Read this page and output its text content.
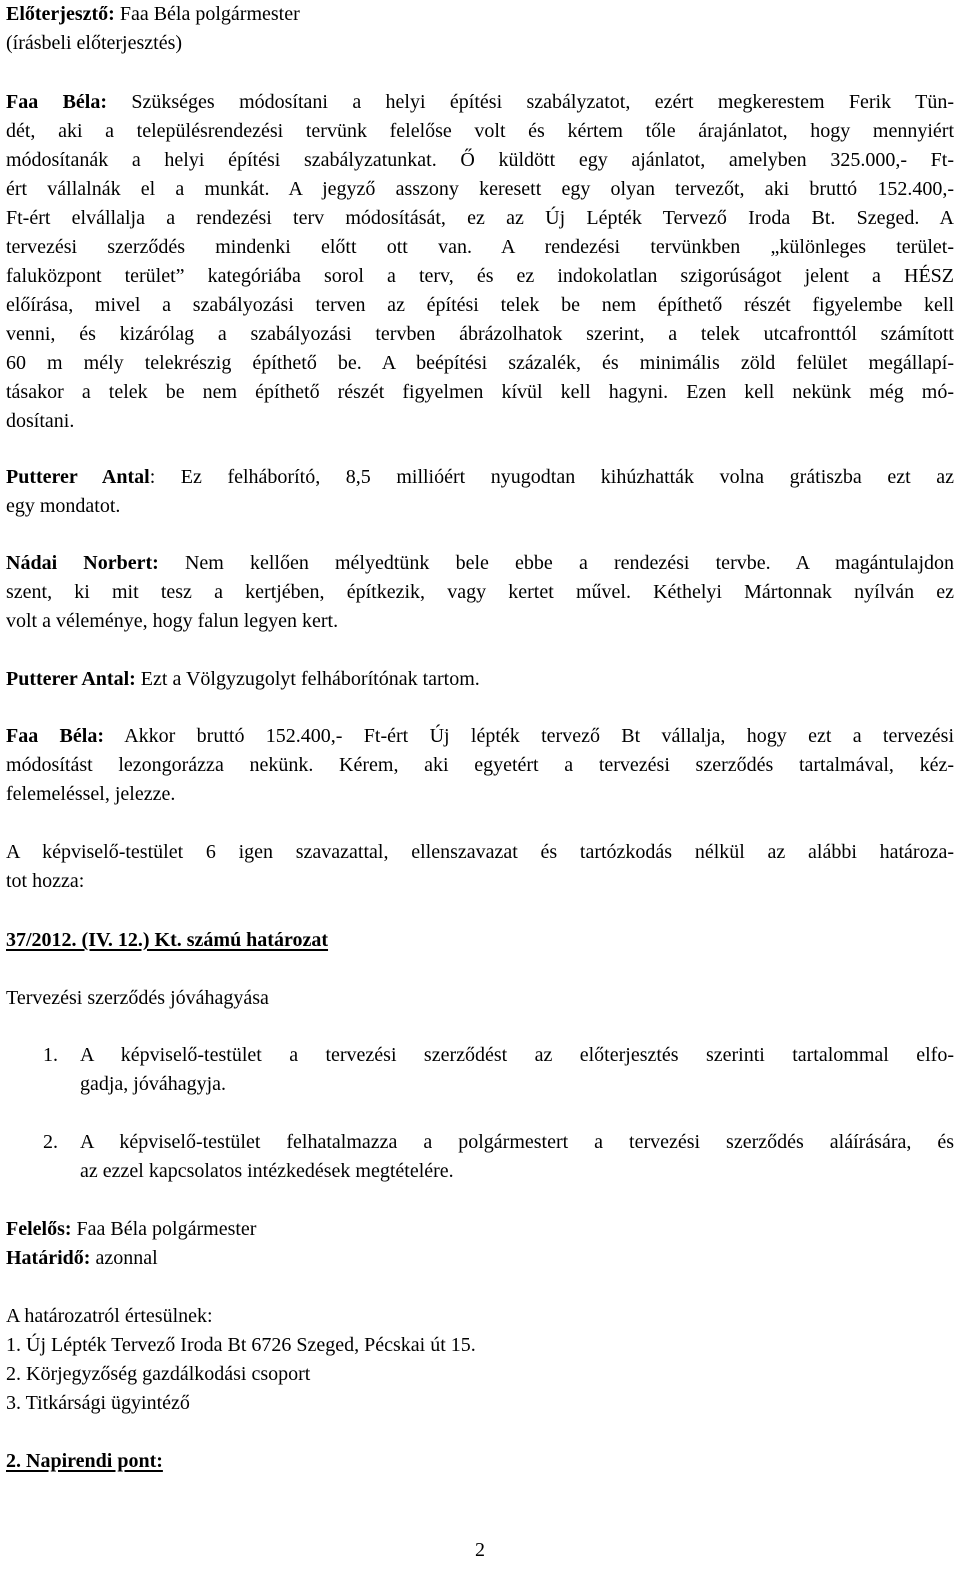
Előterjesztő: Faa Béla polgármester
(írásbeli előterjesztés)
Faa Béla: Szükséges módosítani a helyi építési szabályzatot, ezért megkerestem Ferik Tün-
dét, aki a településrendezési tervünk felelőse volt és kértem tőle árajánlatot, hogy mennyiért
módosítanák a helyi építési szabályzatunkat. Ő küldött egy ajánlatot, amelyben 325.000,- Ft-
ért vállalnák el a munkát. A jegyző asszony keresett egy olyan tervezőt, aki bruttó 152.400,-
Ft-ért elvállalja a rendezési terv módosítását, ez az Új Lépték Tervező Iroda Bt. Szeged. A
tervezési szerződés mindenki előtt ott van. A rendezési tervünkben „különleges terület-
faluközpont terület” kategóriába sorol a terv, és ez indokolatlan szigorúságot jelent a HÉSZ
előírása, mivel a szabályozási terven az építési telek be nem építhető részét figyelembe kell
venni, és kizárólag a szabályozási tervben ábrázolhatok szerint, a telek utcafronttól számított
60 m mély telekrészig építhető be. A beépítési százalék, és minimális zöld felület megállapí-
tásakor a telek be nem építhető részét figyelmen kívül kell hagyni. Ezen kell nekünk még mó-
dosítani.
Putterer Antal: Ez felháborító, 8,5 millióért nyugodtan kihúzhatták volna grátiszba ezt az
egy mondatot.
Nádai Norbert: Nem kellően mélyedtünk bele ebbe a rendezési tervbe. A magántulajdon
szent, ki mit tesz a kertjében, építkezik, vagy kertet művel. Kéthelyi Mártonnak nyílván ez
volt a véleménye, hogy falun legyen kert.
Putterer Antal: Ezt a Völgyzugolyt felháborítónak tartom.
Faa Béla: Akkor bruttó 152.400,- Ft-ért Új lépték tervező Bt vállalja, hogy ezt a tervezési
módosítást lezongorázza nekünk. Kérem, aki egyetért a tervezési szerződés tartalmával, kéz-
felemeléssel, jelezze.
A képviselő-testület 6 igen szavazattal, ellenszavazat és tartózkodás nélkül az alábbi határoza-
tot hozza:
37/2012. (IV. 12.) Kt. számú határozat
Tervezési szerződés jóváhagyása
1. A képviselő-testület a tervezési szerződést az előterjesztés szerinti tartalommal elfo-
gadja, jóváhagyja.
2. A képviselő-testület felhatalmazza a polgármestert a tervezési szerződés aláírására, és
az ezzel kapcsolatos intézkedések megtételére.
Felelős: Faa Béla polgármester
Határidő: azonnal
A határozatról értesülnek:
1. Új Lépték Tervező Iroda Bt 6726 Szeged, Pécskai út 15.
2. Körjegyzőség gazdálkodási csoport
3. Titkársági ügyintéző
2. Napirendi pont:
2
